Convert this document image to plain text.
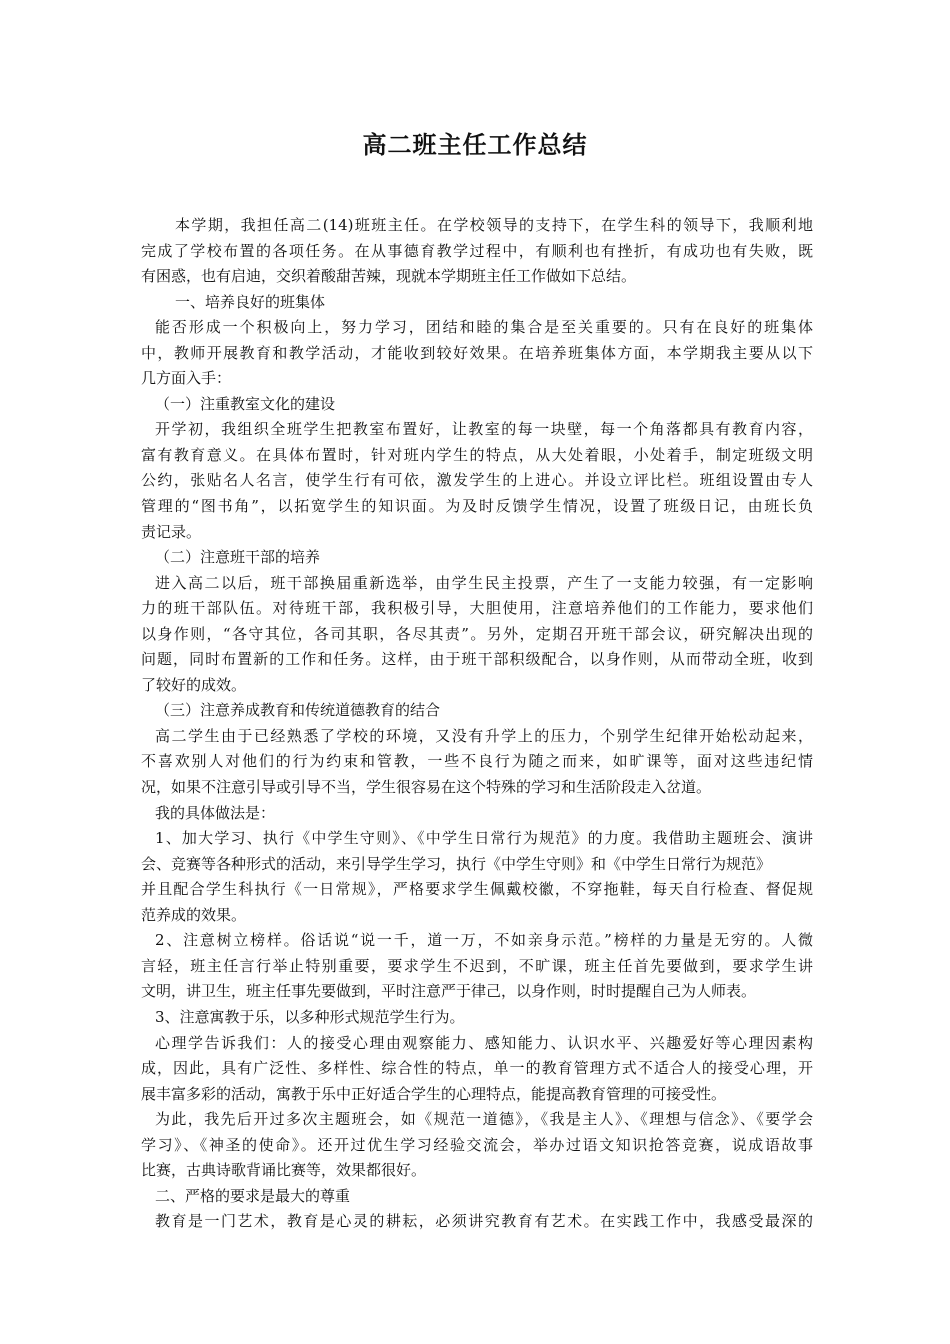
高二班主任工作总结
本学期，我担任高二(14)班班主任。在学校领导的支持下，在学生科的领导下，我顺利地
完成了学校布置的各项任务。在从事德育教学过程中，有顺利也有挫折，有成功也有失败，既
有困惑，也有启迪，交织着酸甜苦辣，现就本学期班主任工作做如下总结。
一、培养良好的班集体
能否形成一个积极向上，努力学习，团结和睦的集合是至关重要的。只有在良好的班集体
中，教师开展教育和教学活动，才能收到较好效果。在培养班集体方面，本学期我主要从以下
几方面入手：
（一）注重教室文化的建设
开学初，我组织全班学生把教室布置好，让教室的每一块壁，每一个角落都具有教育内容，
富有教育意义。在具体布置时，针对班内学生的特点，从大处着眼，小处着手，制定班级文明
公约，张贴名人名言，使学生行有可依，激发学生的上进心。并设立评比栏。班组设置由专人
管理的“图书角”，以拓宽学生的知识面。为及时反馈学生情况，设置了班级日记，由班长负
责记录。
（二）注意班干部的培养
进入高二以后，班干部换届重新选举，由学生民主投票，产生了一支能力较强，有一定影响
力的班干部队伍。对待班干部，我积极引导，大胆使用，注意培养他们的工作能力，要求他们
以身作则，“各守其位，各司其职，各尽其责”。另外，定期召开班干部会议，研究解决出现的
问题，同时布置新的工作和任务。这样，由于班干部积级配合，以身作则，从而带动全班，收到
了较好的成效。
（三）注意养成教育和传统道德教育的结合
高二学生由于已经熟悉了学校的环境，又没有升学上的压力，个别学生纪律开始松动起来，
不喜欢别人对他们的行为约束和管教，一些不良行为随之而来，如旷课等，面对这些违纪情
况，如果不注意引导或引导不当，学生很容易在这个特殊的学习和生活阶段走入岔道。
我的具体做法是：
1、加大学习、执行《中学生守则》、《中学生日常行为规范》的力度。我借助主题班会、演讲
会、竞赛等各种形式的活动，来引导学生学习，执行《中学生守则》和《中学生日常行为规范》
并且配合学生科执行《一日常规》，严格要求学生佩戴校徽，不穿拖鞋，每天自行检查、督促规
范养成的效果。
2、注意树立榜样。俗话说“说一千，道一万，不如亲身示范。”榜样的力量是无穷的。人微
言轻，班主任言行举止特别重要，要求学生不迟到，不旷课，班主任首先要做到，要求学生讲
文明，讲卫生，班主任事先要做到，平时注意严于律己，以身作则，时时提醒自己为人师表。
3、注意寓教于乐，以多种形式规范学生行为。
心理学告诉我们：人的接受心理由观察能力、感知能力、认识水平、兴趣爱好等心理因素构
成，因此，具有广泛性、多样性、综合性的特点，单一的教育管理方式不适合人的接受心理，开
展丰富多彩的活动，寓教于乐中正好适合学生的心理特点，能提高教育管理的可接受性。
为此，我先后开过多次主题班会，如《规范一道德》，《我是主人》、《理想与信念》、《要学会
学习》、《神圣的使命》。还开过优生学习经验交流会，举办过语文知识抢答竞赛，说成语故事
比赛，古典诗歌背诵比赛等，效果都很好。
二、严格的要求是最大的尊重
教育是一门艺术，教育是心灵的耕耘，必须讲究教育有艺术。在实践工作中，我感受最深的
